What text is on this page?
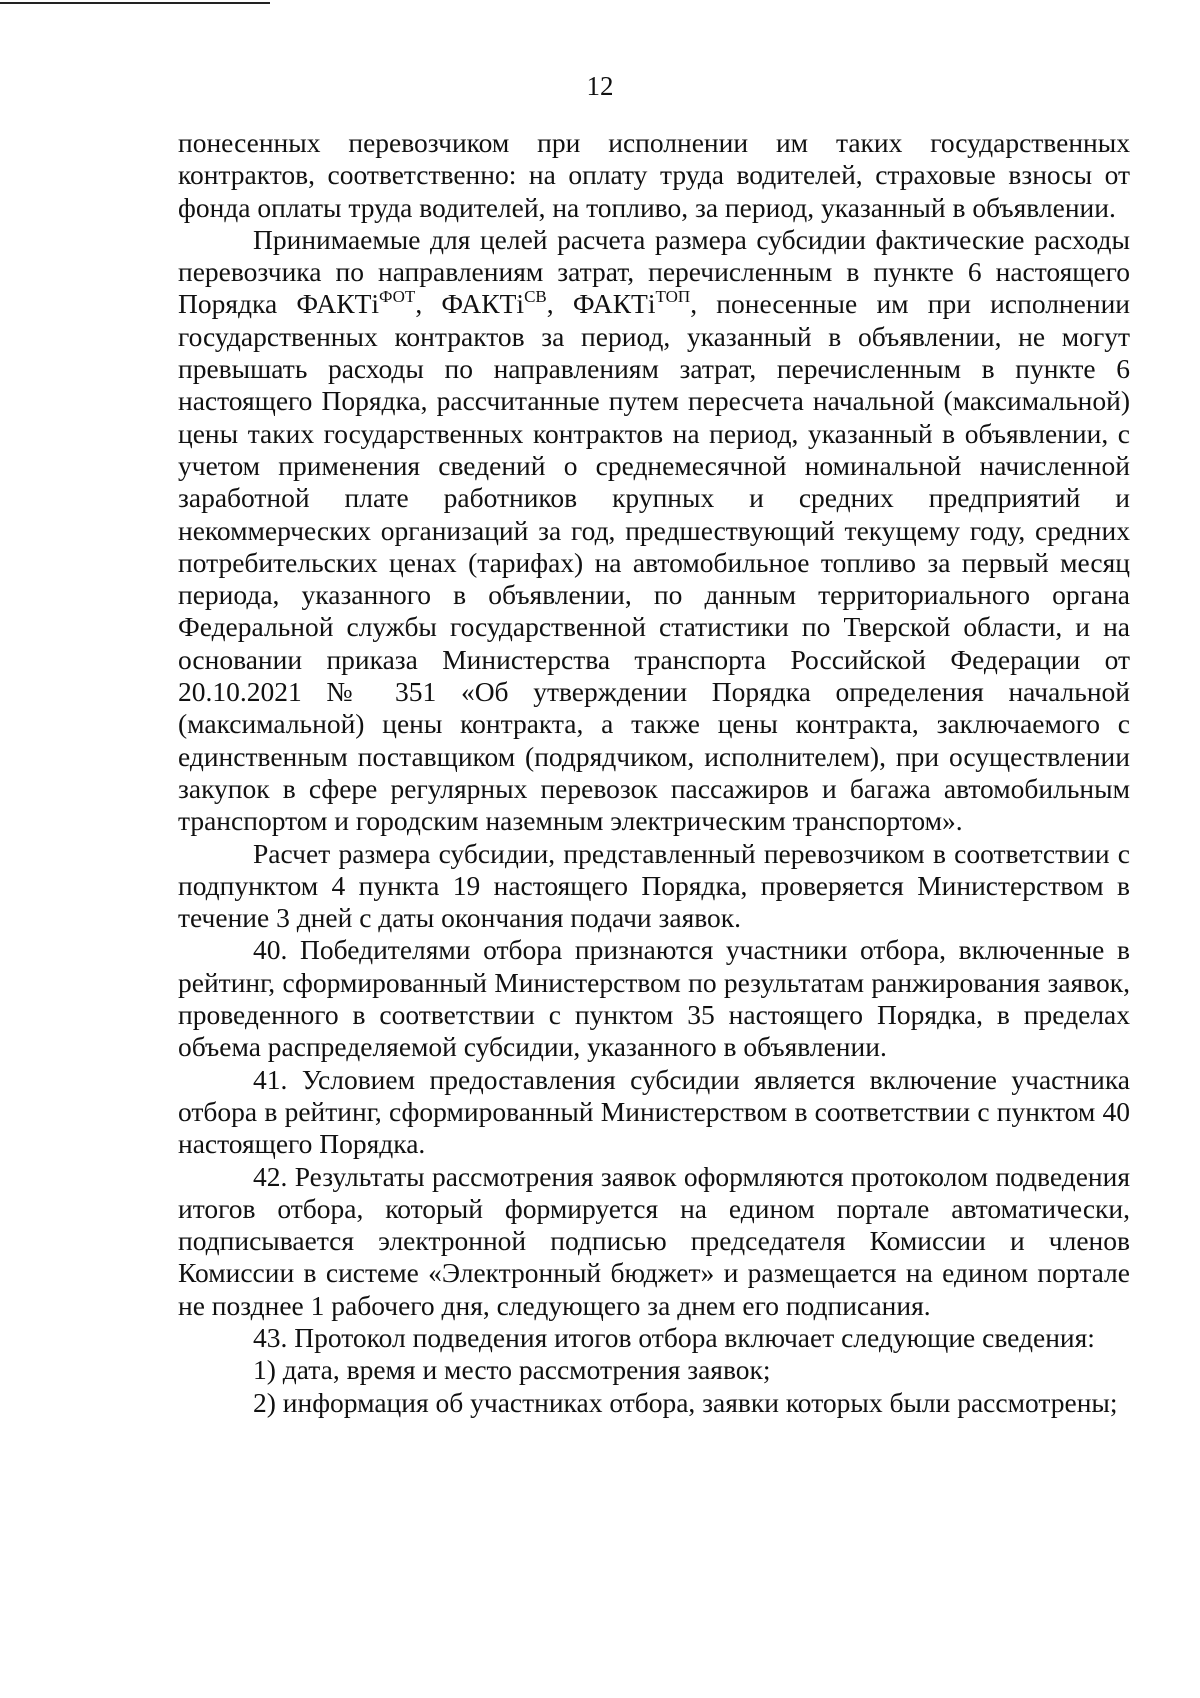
12

понесенных перевозчиком при исполнении им таких государственных контрактов, соответственно: на оплату труда водителей, страховые взносы от фонда оплаты труда водителей, на топливо, за период, указанный в объявлении.

Принимаемые для целей расчета размера субсидии фактические расходы перевозчика по направлениям затрат, перечисленным в пункте 6 настоящего Порядка ФАКТi$^{ФОТ}$, ФАКТi$^{СВ}$, ФАКТi$^{ТОП}$, понесенные им при исполнении государственных контрактов за период, указанный в объявлении, не могут превышать расходы по направлениям затрат, перечисленным в пункте 6 настоящего Порядка, рассчитанные путем пересчета начальной (максимальной) цены таких государственных контрактов на период, указанный в объявлении, с учетом применения сведений о среднемесячной номинальной начисленной заработной плате работников крупных и средних предприятий и некоммерческих организаций за год, предшествующий текущему году, средних потребительских ценах (тарифах) на автомобильное топливо за первый месяц периода, указанного в объявлении, по данным территориального органа Федеральной службы государственной статистики по Тверской области, и на основании приказа Министерства транспорта Российской Федерации от 20.10.2021 № 351 «Об утверждении Порядка определения начальной (максимальной) цены контракта, а также цены контракта, заключаемого с единственным поставщиком (подрядчиком, исполнителем), при осуществлении закупок в сфере регулярных перевозок пассажиров и багажа автомобильным транспортом и городским наземным электрическим транспортом».

Расчет размера субсидии, представленный перевозчиком в соответствии с подпунктом 4 пункта 19 настоящего Порядка, проверяется Министерством в течение 3 дней с даты окончания подачи заявок.

40. Победителями отбора признаются участники отбора, включенные в рейтинг, сформированный Министерством по результатам ранжирования заявок, проведенного в соответствии с пунктом 35 настоящего Порядка, в пределах объема распределяемой субсидии, указанного в объявлении.

41. Условием предоставления субсидии является включение участника отбора в рейтинг, сформированный Министерством в соответствии с пунктом 40 настоящего Порядка.

42. Результаты рассмотрения заявок оформляются протоколом подведения итогов отбора, который формируется на едином портале автоматически, подписывается электронной подписью председателя Комиссии и членов Комиссии в системе «Электронный бюджет» и размещается на едином портале не позднее 1 рабочего дня, следующего за днем его подписания.

43. Протокол подведения итогов отбора включает следующие сведения:

1) дата, время и место рассмотрения заявок;

2) информация об участниках отбора, заявки которых были рассмотрены;
